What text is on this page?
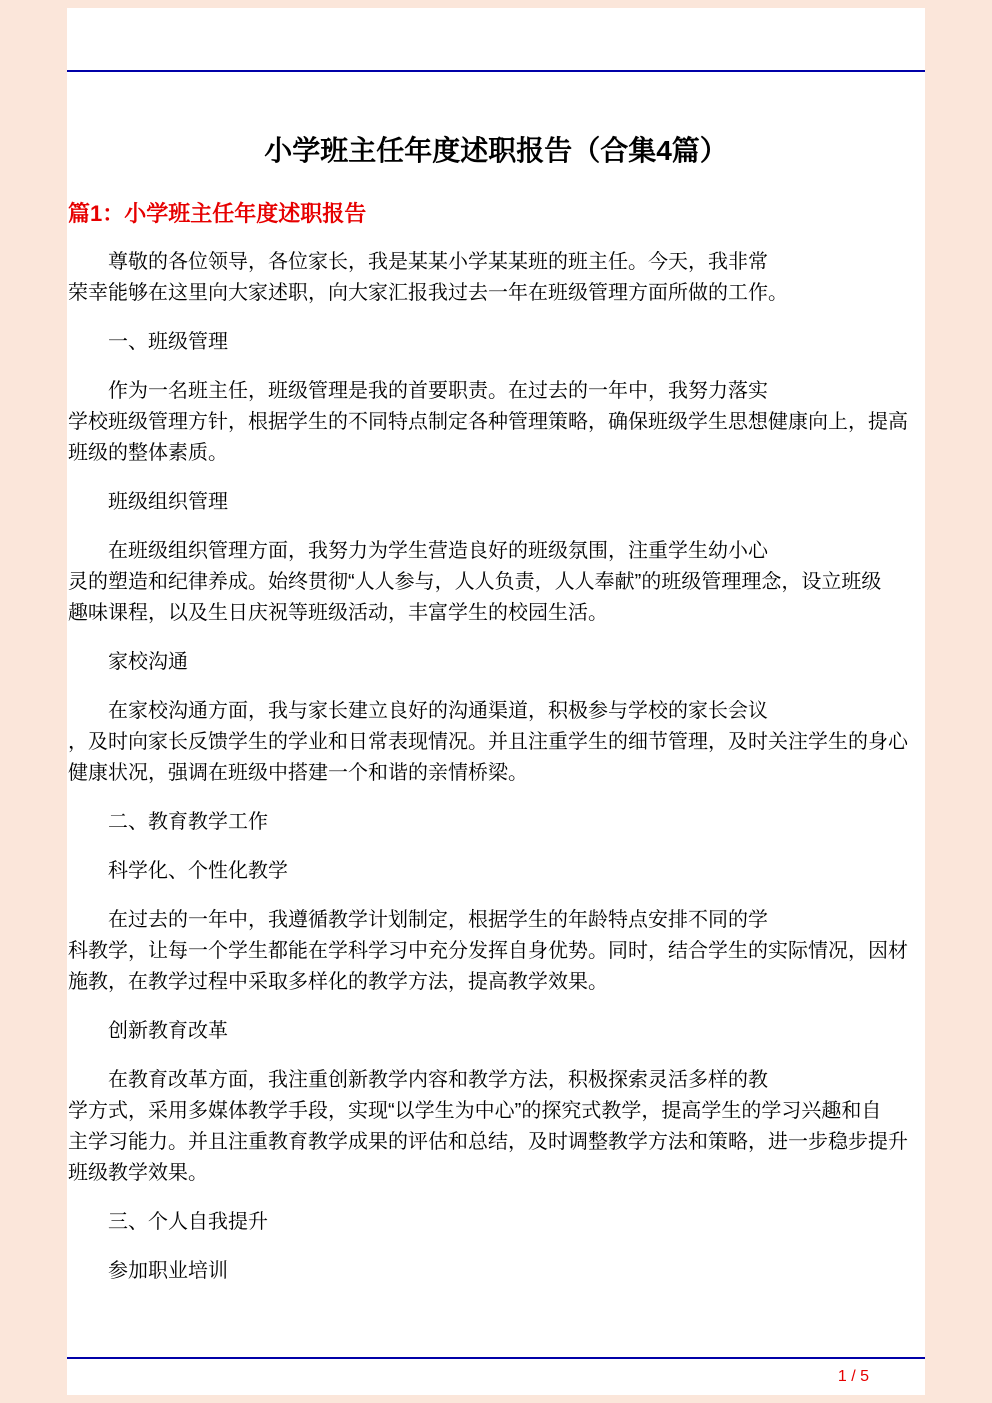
小学班主任年度述职报告（合集4篇）
篇1：小学班主任年度述职报告

尊敬的各位领导，各位家长，我是某某小学某某班的班主任。今天，我非常
荣幸能够在这里向大家述职，向大家汇报我过去一年在班级管理方面所做的工作。

一、班级管理

作为一名班主任，班级管理是我的首要职责。在过去的一年中，我努力落实
学校班级管理方针，根据学生的不同特点制定各种管理策略，确保班级学生思想健康向上，提高
班级的整体素质。

班级组织管理

在班级组织管理方面，我努力为学生营造良好的班级氛围，注重学生幼小心
灵的塑造和纪律养成。始终贯彻“人人参与，人人负责，人人奉献”的班级管理理念，设立班级
趣味课程，以及生日庆祝等班级活动，丰富学生的校园生活。

家校沟通

在家校沟通方面，我与家长建立良好的沟通渠道，积极参与学校的家长会议
，及时向家长反馈学生的学业和日常表现情况。并且注重学生的细节管理，及时关注学生的身心
健康状况，强调在班级中搭建一个和谐的亲情桥梁。

二、教育教学工作

科学化、个性化教学

在过去的一年中，我遵循教学计划制定，根据学生的年龄特点安排不同的学
科教学，让每一个学生都能在学科学习中充分发挥自身优势。同时，结合学生的实际情况，因材
施教，在教学过程中采取多样化的教学方法，提高教学效果。

创新教育改革

在教育改革方面，我注重创新教学内容和教学方法，积极探索灵活多样的教
学方式，采用多媒体教学手段，实现“以学生为中心”的探究式教学，提高学生的学习兴趣和自
主学习能力。并且注重教育教学成果的评估和总结，及时调整教学方法和策略，进一步稳步提升
班级教学效果。

三、个人自我提升

参加职业培训

1 / 5
